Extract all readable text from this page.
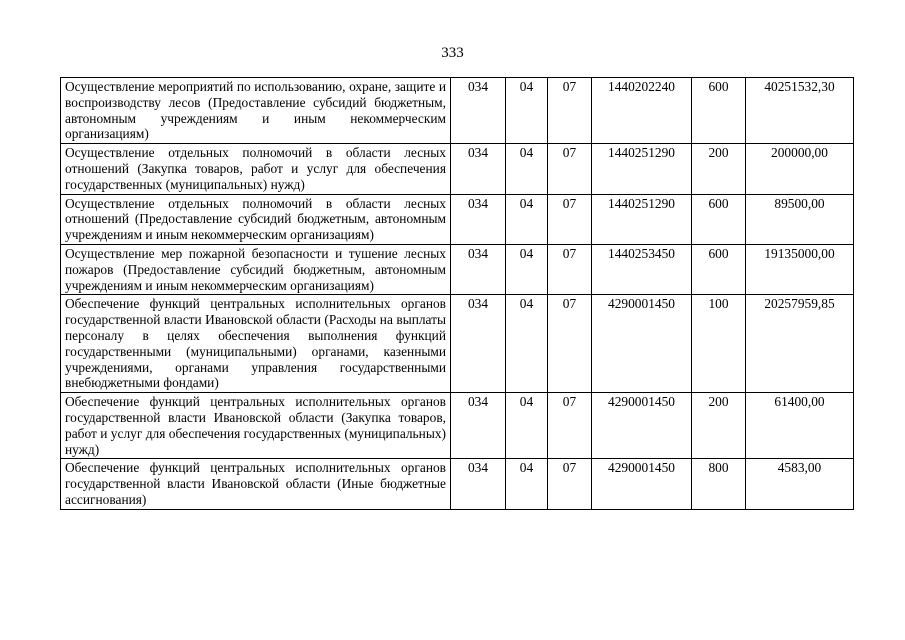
333
Осуществление мероприятий по использованию, охране, защите и воспроизводству лесов (Предоставление субсидий бюджетным, автономным учреждениям и иным некоммерческим организациям)	034	04	07	1440202240	600	40251532,30
Осуществление отдельных полномочий в области лесных отношений (Закупка товаров, работ и услуг для обеспечения государственных (муниципальных) нужд)	034	04	07	1440251290	200	200000,00
Осуществление отдельных полномочий в области лесных отношений (Предоставление субсидий бюджетным, автономным учреждениям и иным некоммерческим организациям)	034	04	07	1440251290	600	89500,00
Осуществление мер пожарной безопасности и тушение лесных пожаров (Предоставление субсидий бюджетным, автономным учреждениям и иным некоммерческим организациям)	034	04	07	1440253450	600	19135000,00
Обеспечение функций центральных исполнительных органов государственной власти Ивановской области (Расходы на выплаты персоналу в целях обеспечения выполнения функций государственными (муниципальными) органами, казенными учреждениями, органами управления государственными внебюджетными фондами)	034	04	07	4290001450	100	20257959,85
Обеспечение функций центральных исполнительных органов государственной власти Ивановской области (Закупка товаров, работ и услуг для обеспечения государственных (муниципальных) нужд)	034	04	07	4290001450	200	61400,00
Обеспечение функций центральных исполнительных органов государственной власти Ивановской области (Иные бюджетные ассигнования)	034	04	07	4290001450	800	4583,00
